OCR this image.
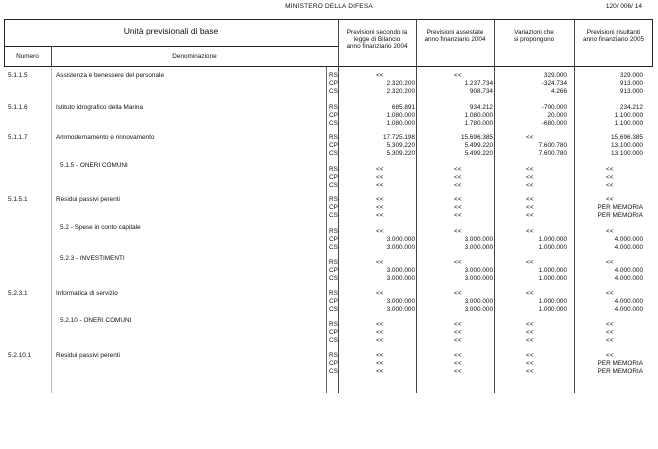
MINISTERO DELLA DIFESA	120/ 006/ 14
Unità previsionali di base
Numero	Denominazione
Previsioni secondo la
legge di Bilancio
anno finanziario 2004
Previsioni assestate
anno finanziario 2004
Variazioni che
si propongono
Previsioni risultanti
anno finanziario 2005
5.1.1.5	Assistenza e benessere del personale	RS	<<	<<	329.000	329.000
CP	2.320.200	1.237.734	-324.734	913.000
CS	2.320.200	908.734	4.266	913.000
5.1.1.6	Istituto idrografico della Marina	RS	685.891	934.212	-700.000	234.212
CP	1.080.000	1.080.000	20.000	1.100.000
CS	1.080.000	1.780.000	-680.000	1.100.000
5.1.1.7	Ammodernamento e rinnovamento	RS	17.725.198	15.696.385	<<	15.696.385
CP	5.309.220	5.499.220	7.600.780	13.100.000
CS	5.309.220	5.499.220	7.600.780	13.100.000
5.1.5 - ONERI COMUNI
RS	<<	<<	<<	<<
CP	<<	<<	<<	<<
CS	<<	<<	<<	<<
5.1.5.1	Residui passivi perenti	RS	<<	<<	<<	<<
CP	<<	<<	<<	PER MEMORIA
CS	<<	<<	<<	PER MEMORIA
5.2 - Spese in conto capitale
RS	<<	<<	<<	<<
CP	3.000.000	3.000.000	1.000.000	4.000.000
CS	3.000.000	3.000.000	1.000.000	4.000.000
5.2.3 - INVESTIMENTI
RS	<<	<<	<<	<<
CP	3.000.000	3.000.000	1.000.000	4.000.000
CS	3.000.000	3.000.000	1.000.000	4.000.000
5.2.3.1	Informatica di servizio	RS	<<	<<	<<	<<
CP	3.000.000	3.000.000	1.000.000	4.000.000
CS	3.000.000	3.000.000	1.000.000	4.000.000
5.2.10 - ONERI COMUNI
RS	<<	<<	<<	<<
CP	<<	<<	<<	<<
CS	<<	<<	<<	<<
5.2.10.1	Residui passivi perenti	RS	<<	<<	<<	<<
CP	<<	<<	<<	PER MEMORIA
CS	<<	<<	<<	PER MEMORIA
